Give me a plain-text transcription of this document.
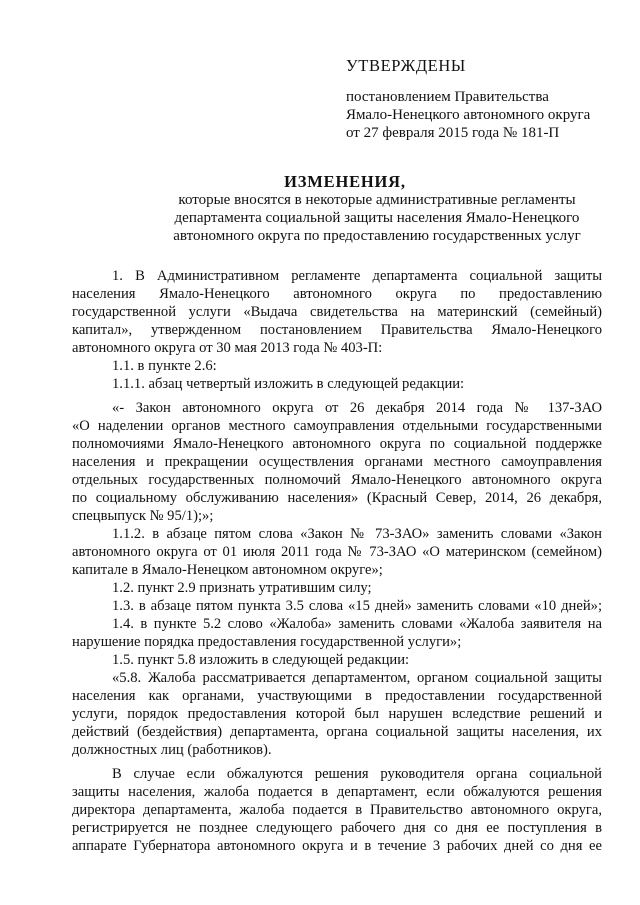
УТВЕРЖДЕНЫ
постановлением Правительства
Ямало-Ненецкого автономного округа
от 27 февраля 2015 года № 181-П
ИЗМЕНЕНИЯ,
которые вносятся в некоторые административные регламенты
департамента социальной защиты населения Ямало-Ненецкого
автономного округа по предоставлению государственных услуг
1. В Административном регламенте департамента социальной защиты
населения Ямало-Ненецкого автономного округа по предоставлению
государственной услуги «Выдача свидетельства на материнский (семейный)
капитал», утвержденном постановлением Правительства Ямало-Ненецкого
автономного округа от 30 мая 2013 года № 403-П:
1.1. в пункте 2.6:
1.1.1. абзац четвертый изложить в следующей редакции:
«- Закон автономного округа от 26 декабря 2014 года № 137-ЗАО
«О наделении органов местного самоуправления отдельными государственными
полномочиями Ямало-Ненецкого автономного округа по социальной поддержке
населения и прекращении осуществления органами местного самоуправления
отдельных государственных полномочий Ямало-Ненецкого автономного округа
по социальному обслуживанию населения» (Красный Север, 2014, 26 декабря,
спецвыпуск № 95/1);»;
1.1.2. в абзаце пятом слова «Закон № 73-ЗАО» заменить словами «Закон
автономного округа от 01 июля 2011 года № 73-ЗАО «О материнском (семейном)
капитале в Ямало-Ненецком автономном округе»;
1.2. пункт 2.9 признать утратившим силу;
1.3. в абзаце пятом пункта 3.5 слова «15 дней» заменить словами «10 дней»;
1.4. в пункте 5.2 слово «Жалоба» заменить словами «Жалоба заявителя на
нарушение порядка предоставления государственной услуги»;
1.5. пункт 5.8 изложить в следующей редакции:
«5.8. Жалоба рассматривается департаментом, органом социальной защиты
населения как органами, участвующими в предоставлении государственной
услуги, порядок предоставления которой был нарушен вследствие решений и
действий (бездействия) департамента, органа социальной защиты населения, их
должностных лиц (работников).
В случае если обжалуются решения руководителя органа социальной
защиты населения, жалоба подается в департамент, если обжалуются решения
директора департамента, жалоба подается в Правительство автономного округа,
регистрируется не позднее следующего рабочего дня со дня ее поступления в
аппарате Губернатора автономного округа и в течение 3 рабочих дней со дня ее
